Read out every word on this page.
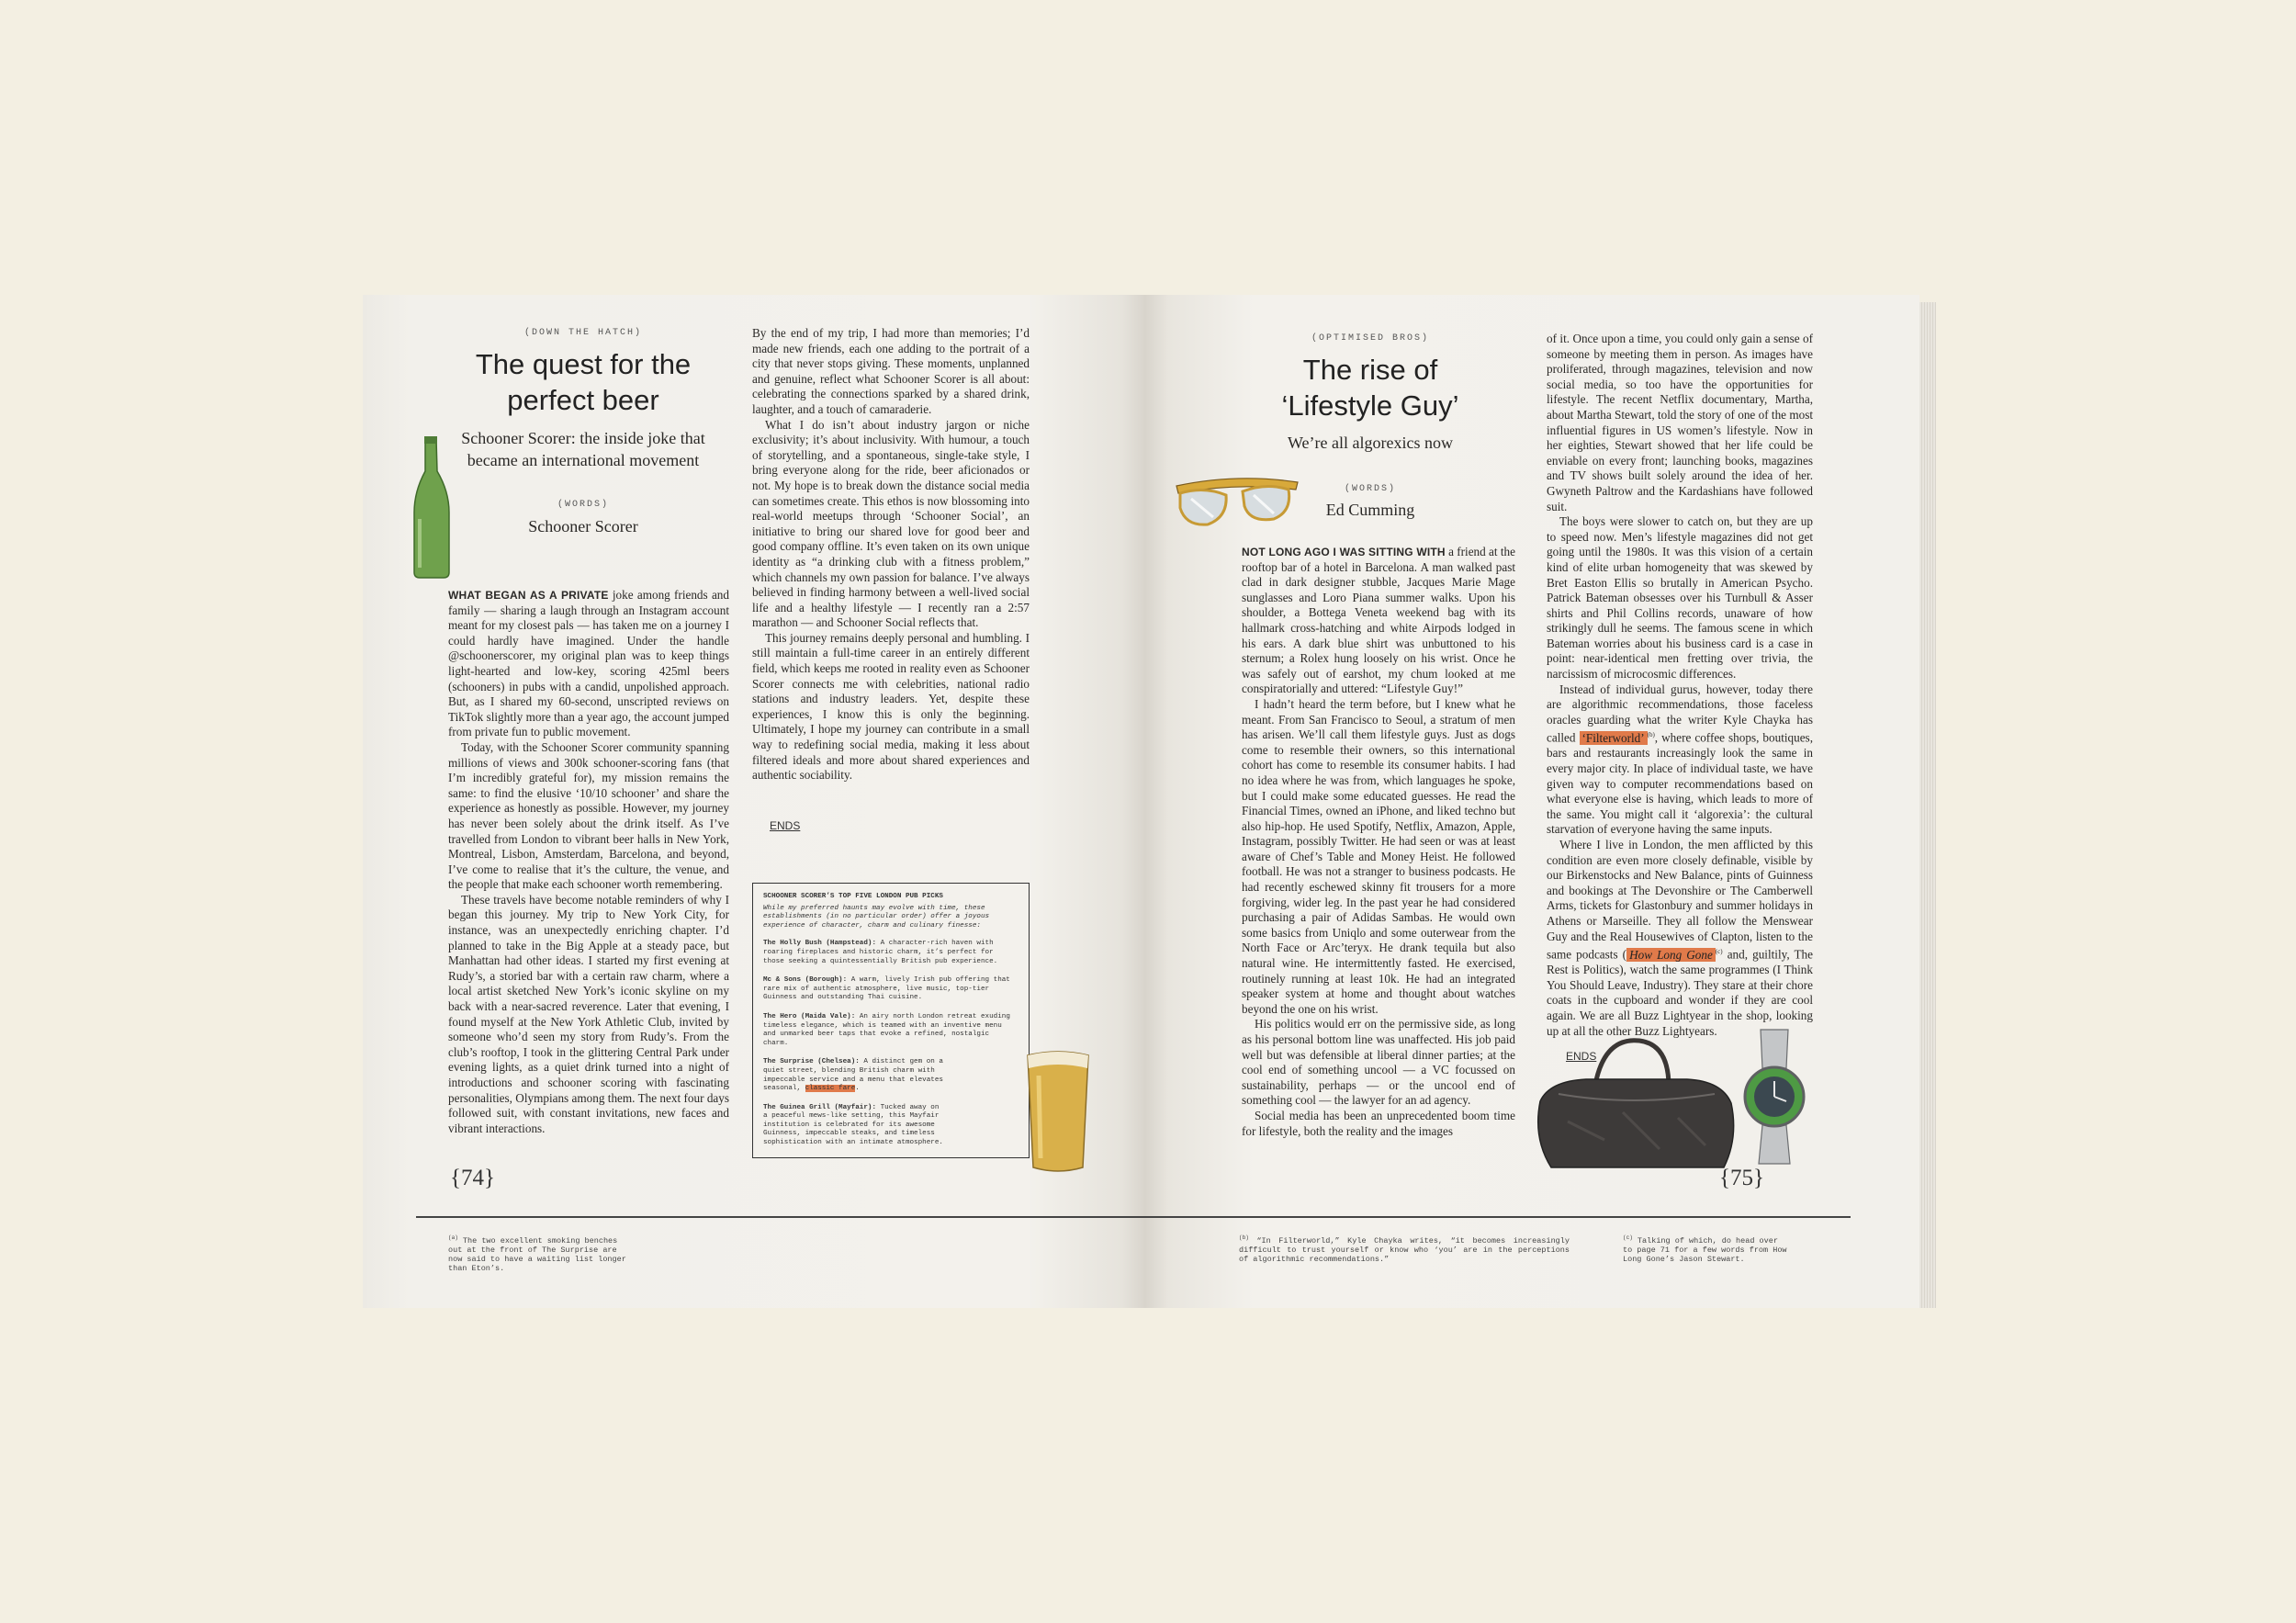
(DOWN THE HATCH)
The quest for the perfect beer
Schooner Scorer: the inside joke that became an international movement
(WORDS)
Schooner Scorer

WHAT BEGAN AS A PRIVATE joke among friends and family — sharing a laugh through an Instagram account meant for my closest pals — has taken me on a journey I could hardly have imagined. Under the handle @schoonerscorer, my original plan was to keep things light-hearted and low-key, scoring 425ml beers (schooners) in pubs with a candid, unpolished approach. But, as I shared my 60-second, unscripted reviews on TikTok slightly more than a year ago, the account jumped from private fun to public movement.

Today, with the Schooner Scorer community spanning millions of views and 300k schooner-scoring fans (that I’m incredibly grateful for), my mission remains the same: to find the elusive ‘10/10 schooner’ and share the experience as honestly as possible. However, my journey has never been solely about the drink itself. As I’ve travelled from London to vibrant beer halls in New York, Montreal, Lisbon, Amsterdam, Barcelona, and beyond, I’ve come to realise that it’s the culture, the venue, and the people that make each schooner worth remembering.

These travels have become notable reminders of why I began this journey. My trip to New York City, for instance, was an unexpectedly enriching chapter. I’d planned to take in the Big Apple at a steady pace, but Manhattan had other ideas. I started my first evening at Rudy’s, a storied bar with a certain raw charm, where a local artist sketched New York’s iconic skyline on my back with a near-sacred reverence. Later that evening, I found myself at the New York Athletic Club, invited by someone who’d seen my story from Rudy’s. From the club’s rooftop, I took in the glittering Central Park under evening lights, as a quiet drink turned into a night of introductions and schooner scoring with fascinating personalities, Olympians among them. The next four days followed suit, with constant invitations, new faces and vibrant interactions.

By the end of my trip, I had more than memories; I’d made new friends, each one adding to the portrait of a city that never stops giving. These moments, unplanned and genuine, reflect what Schooner Scorer is all about: celebrating the connections sparked by a shared drink, laughter, and a touch of camaraderie.

What I do isn’t about industry jargon or niche exclusivity; it’s about inclusivity. With humour, a touch of storytelling, and a spontaneous, single-take style, I bring everyone along for the ride, beer aficionados or not. My hope is to break down the distance social media can sometimes create. This ethos is now blossoming into real-world meetups through ‘Schooner Social’, an initiative to bring our shared love for good beer and good company offline. It’s even taken on its own unique identity as “a drinking club with a fitness problem,” which channels my own passion for balance. I’ve always believed in finding harmony between a well-lived social life and a healthy lifestyle — I recently ran a 2:57 marathon — and Schooner Social reflects that.

This journey remains deeply personal and humbling. I still maintain a full-time career in an entirely different field, which keeps me rooted in reality even as Schooner Scorer connects me with celebrities, national radio stations and industry leaders. Yet, despite these experiences, I know this is only the beginning. Ultimately, I hope my journey can contribute in a small way to redefining social media, making it less about filtered ideals and more about shared experiences and authentic sociability.

ENDS
SCHOONER SCORER’S TOP FIVE LONDON PUB PICKS
While my preferred haunts may evolve with time, these establishments (in no particular order) offer a joyous experience of character, charm and culinary finesse:
The Holly Bush (Hampstead): A character-rich haven with roaring fireplaces and historic charm, it’s perfect for those seeking a quintessentially British pub experience.
Mc & Sons (Borough): A warm, lively Irish pub offering that rare mix of authentic atmosphere, live music, top-tier Guinness and outstanding Thai cuisine.
The Hero (Maida Vale): An airy north London retreat exuding timeless elegance, which is teamed with an inventive menu and unmarked beer taps that evoke a refined, nostalgic charm.
The Surprise (Chelsea): A distinct gem on a quiet street, blending British charm with impeccable service and a menu that elevates seasonal, classic fare.
The Guinea Grill (Mayfair): Tucked away on a peaceful mews-like setting, this Mayfair institution is celebrated for its awesome Guinness, impeccable steaks, and timeless sophistication with an intimate atmosphere.
{74}
$^{(a)}$ The two excellent smoking benches out at the front of The Surprise are now said to have a waiting list longer than Eton’s.
(OPTIMISED BROS)
The rise of ‘Lifestyle Guy’
We’re all algorexics now
(WORDS)
Ed Cumming

NOT LONG AGO I WAS SITTING WITH a friend at the rooftop bar of a hotel in Barcelona. A man walked past clad in dark designer stubble, Jacques Marie Mage sunglasses and Loro Piana summer walks. Upon his shoulder, a Bottega Veneta weekend bag with its hallmark cross-hatching and white Airpods lodged in his ears. A dark blue shirt was unbuttoned to his sternum; a Rolex hung loosely on his wrist. Once he was safely out of earshot, my chum looked at me conspiratorially and uttered: “Lifestyle Guy!”

I hadn’t heard the term before, but I knew what he meant. From San Francisco to Seoul, a stratum of men has arisen. We’ll call them lifestyle guys. Just as dogs come to resemble their owners, so this international cohort has come to resemble its consumer habits. I had no idea where he was from, which languages he spoke, but I could make some educated guesses. He read the Financial Times, owned an iPhone, and liked techno but also hip-hop. He used Spotify, Netflix, Amazon, Apple, Instagram, possibly Twitter. He had seen or was at least aware of Chef’s Table and Money Heist. He followed football. He was not a stranger to business podcasts. He had recently eschewed skinny fit trousers for a more forgiving, wider leg. In the past year he had considered purchasing a pair of Adidas Sambas. He would own some basics from Uniqlo and some outerwear from the North Face or Arc’teryx. He drank tequila but also natural wine. He intermittently fasted. He exercised, routinely running at least 10k. He had an integrated speaker system at home and thought about watches beyond the one on his wrist.

His politics would err on the permissive side, as long as his personal bottom line was unaffected. His job paid well but was defensible at liberal dinner parties; at the cool end of something uncool — a VC focussed on sustainability, perhaps — or the uncool end of something cool — the lawyer for an ad agency.

Social media has been an unprecedented boom time for lifestyle, both the reality and the images

of it. Once upon a time, you could only gain a sense of someone by meeting them in person. As images have proliferated, through magazines, television and now social media, so too have the opportunities for lifestyle. The recent Netflix documentary, Martha, about Martha Stewart, told the story of one of the most influential figures in US women’s lifestyle. Now in her eighties, Stewart showed that her life could be enviable on every front; launching books, magazines and TV shows built solely around the idea of her. Gwyneth Paltrow and the Kardashians have followed suit.

The boys were slower to catch on, but they are up to speed now. Men’s lifestyle magazines did not get going until the 1980s. It was this vision of a certain kind of elite urban homogeneity that was skewed by Bret Easton Ellis so brutally in American Psycho. Patrick Bateman obsesses over his Turnbull & Asser shirts and Phil Collins records, unaware of how strikingly dull he seems. The famous scene in which Bateman worries about his business card is a case in point: near-identical men fretting over trivia, the narcissism of microcosmic differences.

Instead of individual gurus, however, today there are algorithmic recommendations, those faceless oracles guarding what the writer Kyle Chayka has called ‘Filterworld’ $^{(b)}$, where coffee shops, boutiques, bars and restaurants increasingly look the same in every major city. In place of individual taste, we have given way to computer recommendations based on what everyone else is having, which leads to more of the same. You might call it ‘algorexia’: the cultural starvation of everyone having the same inputs.

Where I live in London, the men afflicted by this condition are even more closely definable, visible by our Birkenstocks and New Balance, pints of Guinness and bookings at The Devonshire or The Camberwell Arms, tickets for Glastonbury and summer holidays in Athens or Marseille. They all follow the Menswear Guy and the Real Housewives of Clapton, listen to the same podcasts ( How Long Gone $^{(c)}$ and, guiltily, The Rest is Politics), watch the same programmes (I Think You Should Leave, Industry). They stare at their chore coats in the cupboard and wonder if they are cool again. We are all Buzz Lightyear in the shop, looking up at all the other Buzz Lightyears.

ENDS
{75}
$^{(b)}$ “In Filterworld,” Kyle Chayka writes, “it becomes increasingly difficult to trust yourself or know who ‘you’ are in the perceptions of algorithmic recommendations.”
$^{(c)}$ Talking of which, do head over to page 71 for a few words from How Long Gone’s Jason Stewart.
